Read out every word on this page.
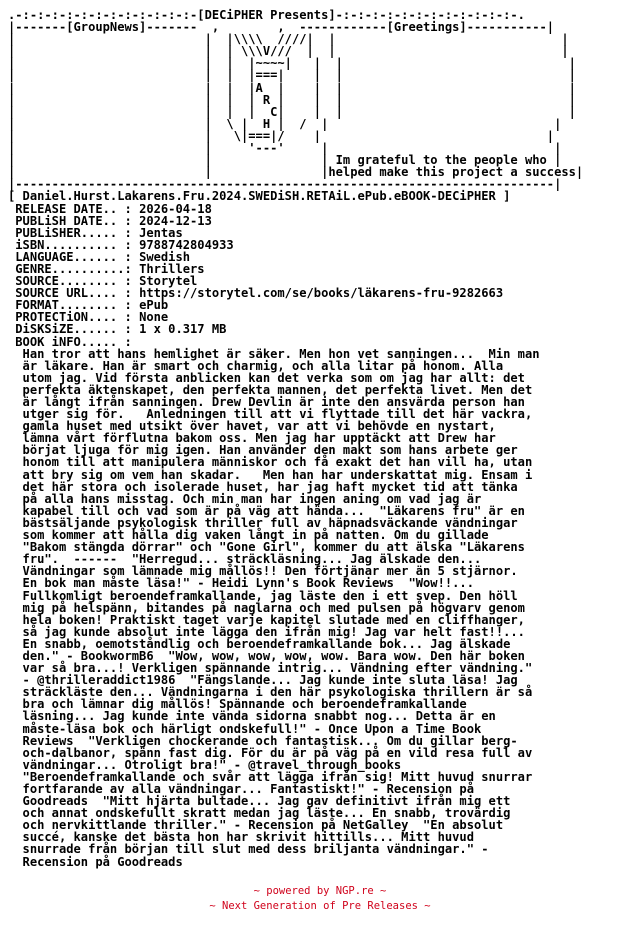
.-:-:-:-:-:-:-:-:-:-:-:-:-[DECiPHER Presents]-:-:-:-:-:-:-:-:-:-:-:-:-.
|-------[GroupNews]-------  ,        ,  ------------[Greetings]-----------|
|                          |  |\\\\  ////|  |                               |
|                          |  | \\\V///  |  |                               |
|                          |  |  |~~~~|   |  |                               |
|                          |  |  |===|    |  |                               |
|                          |  |  |A  |    |  |                               |
|                          |  |  | R |    |  |                               |
|                          |  |  |  C|    |  |                               |
|                          |  \ |  H |  /  |                               |
|                          |   \|===|/    |                               |
|                          |     '---'     |                               |
|                          |               | Im grateful to the people who |
|                          |               |helped make this project a success|
|--------------------------------------------------------------------------|
[ Daniel.Hurst.Lakarens.Fru.2024.SWEDiSH.RETAiL.ePub.eBOOK-DECiPHER ]
RELEASE DATE.. : 2026-04-18
PUBLiSH DATE.. : 2024-12-13
PUBLiSHER..... : Jentas
iSBN.......... : 9788742804933
LANGUAGE...... : Swedish
GENRE..........: Thrillers
SOURCE........ : Storytel
SOURCE URL.... : https://storytel.com/se/books/läkarens-fru-9282663
FORMAT........ : ePub
PROTECTiON.... : None
DiSKSiZE...... : 1 x 0.317 MB
BOOK iNFO..... :
Han tror att hans hemlighet är säker. Men hon vet sanningen...  Min man
är läkare. Han är smart och charmig, och alla litar på honom. Alla
utom jag. Vid första anblicken kan det verka som om jag har allt: det
perfekta äktenskapet, den perfekta mannen, det perfekta livet. Men det
är långt ifrån sanningen. Drew Devlin är inte den ansvärda person han
utger sig för.   Anledningen till att vi flyttade till det här vackra,
gamla huset med utsikt över havet, var att vi behövde en nystart,
lämna vårt förflutna bakom oss. Men jag har upptäckt att Drew har
börjat ljuga för mig igen. Han använder den makt som hans arbete ger
honom till att manipulera människor och få exakt det han vill ha, utan
att bry sig om vem han skadar.   Men han har underskattat mig. Ensam i
det här stora och isolerade huset, har jag haft mycket tid att tänka
på alla hans misstag. Och min man har ingen aning om vad jag är
kapabel till och vad som är på väg att hända...  "Läkarens fru" är en
bästsäljande psykologisk thriller full av häpnadsväckande vändningar
som kommer att hålla dig vaken långt in på natten. Om du gillade
"Bakom stängda dörrar" och "Gone Girl", kommer du att älska "Läkarens
fru".  ------  "Herregud... sträckläsning... Jag älskade den...
Vändningar som lämnade mig mållös!! Den förtjänar mer än 5 stjärnor.
En bok man måste läsa!" - Heidi Lynn's Book Reviews  "Wow!!...
Fullkomligt beroendeframkallande, jag läste den i ett svep. Den höll
mig på helspänn, bitandes på naglarna och med pulsen på högvarv genom
hela boken! Praktiskt taget varje kapitel slutade med en cliffhanger,
så jag kunde absolut inte lägga den ifrån mig! Jag var helt fast!!...
En snabb, oemotståndlig och beroendeframkallande bok... Jag älskade
den." - BookwormB6  "Wow, wow, wow, wow, wow. Bara wow. Den här boken
var så bra...! Verkligen spännande intrig... Vändning efter vändning."
- @thrilleraddict1986  "Fängslande... Jag kunde inte sluta läsa! Jag
sträckläste den... Vändningarna i den här psykologiska thrillern är så
bra och lämnar dig mållös! Spännande och beroendeframkallande
läsning... Jag kunde inte vända sidorna snabbt nog... Detta är en
måste-läsa bok och härligt ondskefull!" - Once Upon a Time Book
Reviews  "Verkligen chockerande och fantastisk... Om du gillar berg-
och-dalbanor, spänn fast dig. För du är på väg på en vild resa full av
vändningar... Otroligt bra!" - @travel_through_books
"Beroendeframkallande och svår att lägga ifrån sig! Mitt huvud snurrar
fortfarande av alla vändningar... Fantastiskt!" - Recension på
Goodreads  "Mitt hjärta bultade... Jag gav definitivt ifrån mig ett
och annat ondskefullt skratt medan jag läste... En snabb, trovärdig
och nervkittlande thriller." - Recension på NetGalley  "En absolut
succé, kanske det bästa hon har skrivit hittills... Mitt huvud
snurrade från början till slut med dess briljanta vändningar." -
Recension på Goodreads
~ powered by NGP.re ~
~ Next Generation of Pre Releases ~
